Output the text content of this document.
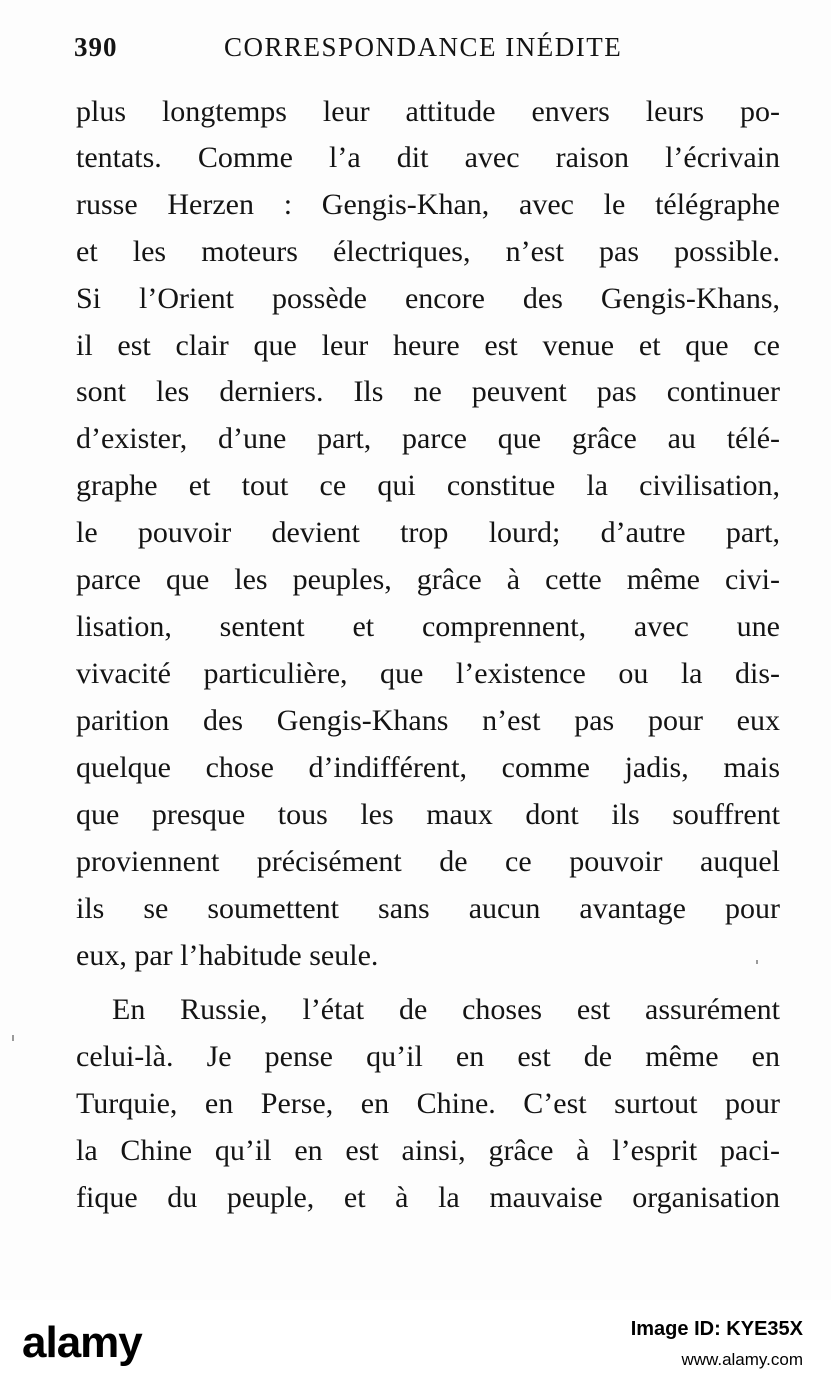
390	CORRESPONDANCE INÉDITE
plus longtemps leur attitude envers leurs po-
tentats. Comme l’a dit avec raison l’écrivain
russe Herzen : Gengis-Khan, avec le télégraphe
et les moteurs électriques, n’est pas possible.
Si l’Orient possède encore des Gengis-Khans,
il est clair que leur heure est venue et que ce
sont les derniers. Ils ne peuvent pas continuer
d’exister, d’une part, parce que grâce au télé-
graphe et tout ce qui constitue la civilisation,
le pouvoir devient trop lourd; d’autre part,
parce que les peuples, grâce à cette même civi-
lisation, sentent et comprennent, avec une
vivacité particulière, que l’existence ou la dis-
parition des Gengis-Khans n’est pas pour eux
quelque chose d’indifférent, comme jadis, mais
que presque tous les maux dont ils souffrent
proviennent précisément de ce pouvoir auquel
ils se soumettent sans aucun avantage pour
eux, par l’habitude seule.
En Russie, l’état de choses est assurément
celui-là. Je pense qu’il en est de même en
Turquie, en Perse, en Chine. C’est surtout pour
la Chine qu’il en est ainsi, grâce à l’esprit paci-
fique du peuple, et à la mauvaise organisation
alamy	Image ID: KYE35X
www.alamy.com
